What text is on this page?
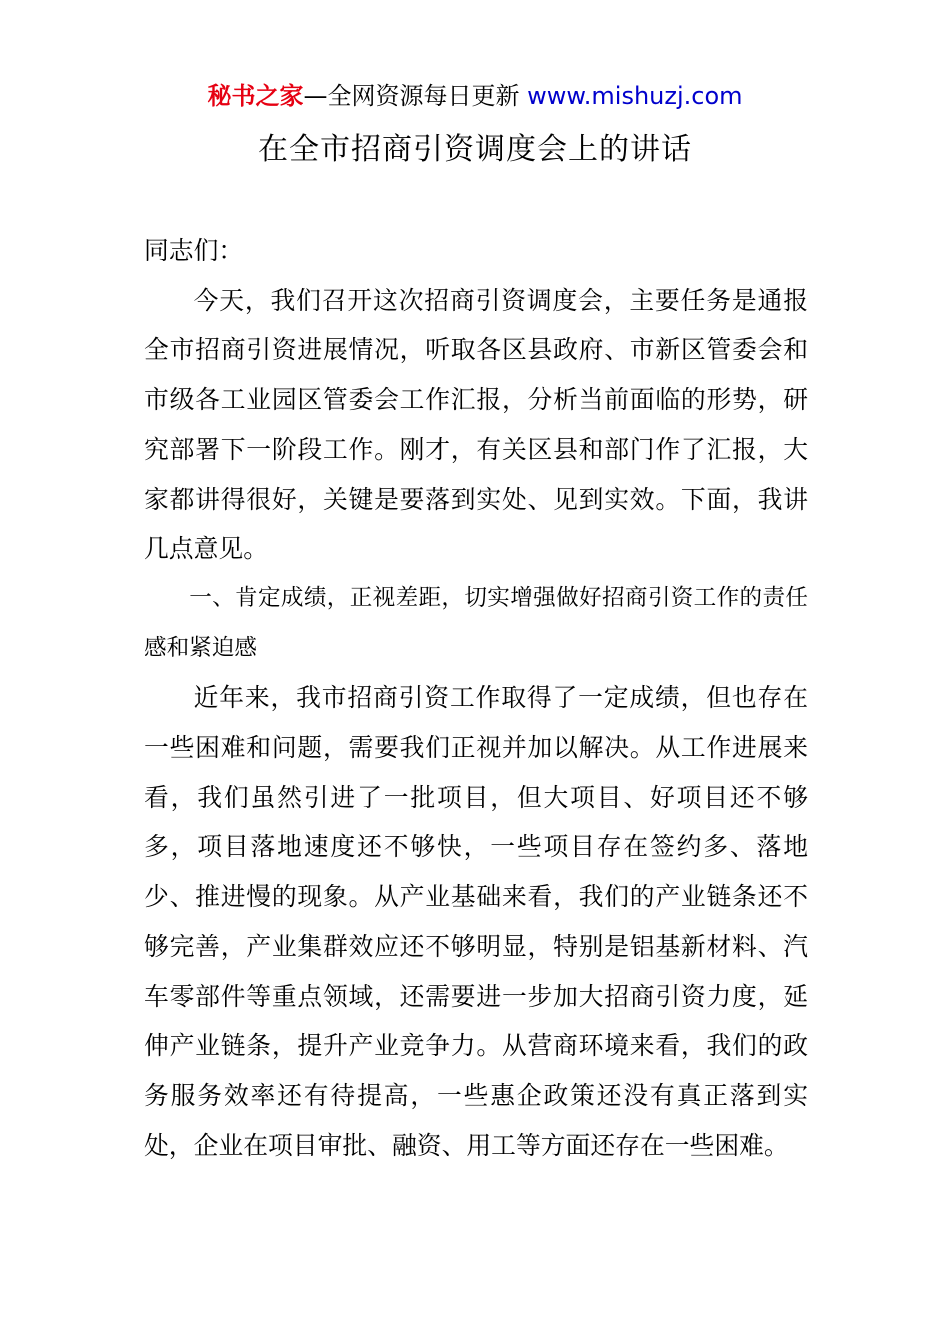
秘书之家—全网资源每日更新 www.mishuzj.com
在全市招商引资调度会上的讲话

同志们：

今天，我们召开这次招商引资调度会，主要任务是通报全市招商引资进展情况，听取各区县政府、市新区管委会和市级各工业园区管委会工作汇报，分析当前面临的形势，研究部署下一阶段工作。刚才，有关区县和部门作了汇报，大家都讲得很好，关键是要落到实处、见到实效。下面，我讲几点意见。

一、肯定成绩，正视差距，切实增强做好招商引资工作的责任感和紧迫感

近年来，我市招商引资工作取得了一定成绩，但也存在一些困难和问题，需要我们正视并加以解决。从工作进展来看，我们虽然引进了一批项目，但大项目、好项目还不够多，项目落地速度还不够快，一些项目存在签约多、落地少、推进慢的现象。从产业基础来看，我们的产业链条还不够完善，产业集群效应还不够明显，特别是铝基新材料、汽车零部件等重点领域，还需要进一步加大招商引资力度，延伸产业链条，提升产业竞争力。从营商环境来看，我们的政务服务效率还有待提高，一些惠企政策还没有真正落到实处，企业在项目审批、融资、用工等方面还存在一些困难。
